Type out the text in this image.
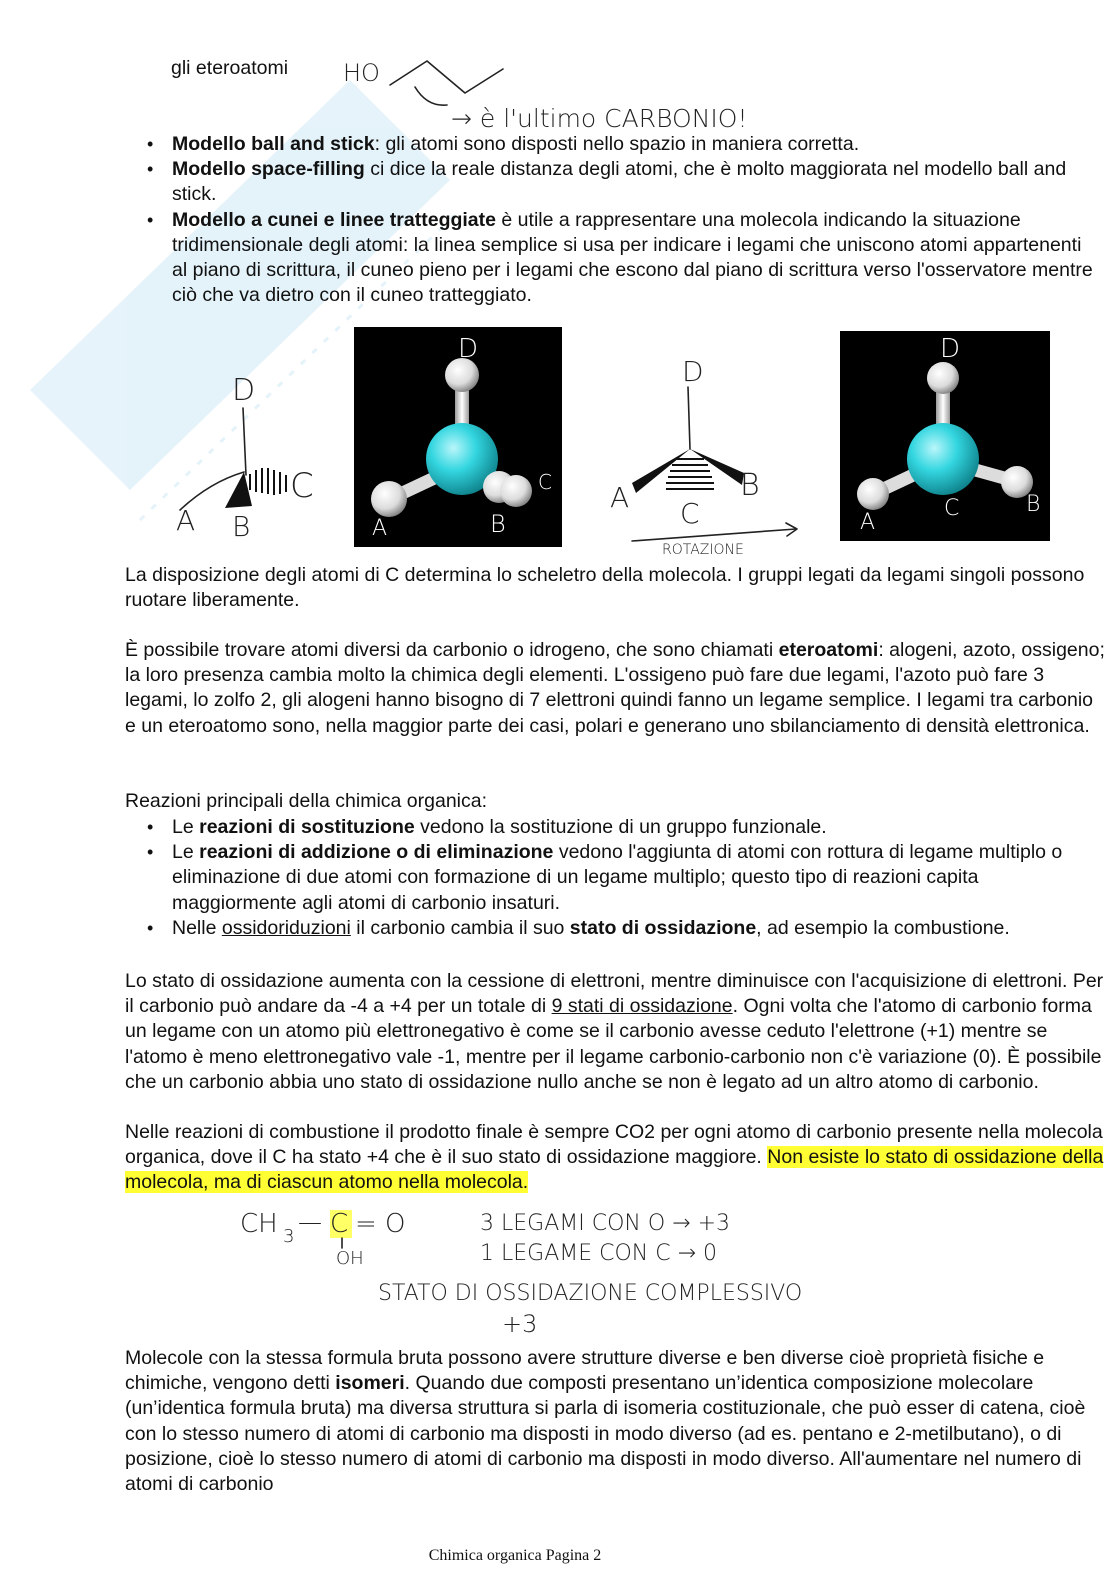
gli eteroatomi HO
→ è l'ultimo CARBONIO!
• Modello ball and stick: gli atomi sono disposti nello spazio in maniera corretta.
• Modello space-filling ci dice la reale distanza degli atomi, che è molto maggiorata nel modello ball and stick.
• Modello a cunei e linee tratteggiate è utile a rappresentare una molecola indicando la situazione tridimensionale degli atomi: la linea semplice si usa per indicare i legami che uniscono atomi appartenenti al piano di scrittura, il cuneo pieno per i legami che escono dal piano di scrittura verso l'osservatore mentre ciò che va dietro con il cuneo tratteggiato.
D
C
A B
D
C
A	B
D
A	B
C
ROTAZIONE
D
A
C	B

La disposizione degli atomi di C determina lo scheletro della molecola. I gruppi legati da legami singoli possono ruotare liberamente.

È possibile trovare atomi diversi da carbonio o idrogeno, che sono chiamati eteroatomi: alogeni, azoto, ossigeno; la loro presenza cambia molto la chimica degli elementi. L'ossigeno può fare due legami, l'azoto può fare 3 legami, lo zolfo 2, gli alogeni hanno bisogno di 7 elettroni quindi fanno un legame semplice. I legami tra carbonio e un eteroatomo sono, nella maggior parte dei casi, polari e generano uno sbilanciamento di densità elettronica.

Reazioni principali della chimica organica:

• Le reazioni di sostituzione vedono la sostituzione di un gruppo funzionale.
• Le reazioni di addizione o di eliminazione vedono l'aggiunta di atomi con rottura di legame multiplo o eliminazione di due atomi con formazione di un legame multiplo; questo tipo di reazioni capita maggiormente agli atomi di carbonio insaturi.
• Nelle ossidoriduzioni il carbonio cambia il suo stato di ossidazione, ad esempio la combustione.

Lo stato di ossidazione aumenta con la cessione di elettroni, mentre diminuisce con l'acquisizione di elettroni. Per il carbonio può andare da -4 a +4 per un totale di 9 stati di ossidazione. Ogni volta che l'atomo di carbonio forma un legame con un atomo più elettronegativo è come se il carbonio avesse ceduto l'elettrone (+1) mentre se l'atomo è meno elettronegativo vale -1, mentre per il legame carbonio-carbonio non c'è variazione (0). È possibile che un carbonio abbia uno stato di ossidazione nullo anche se non è legato ad un altro atomo di carbonio.

Nelle reazioni di combustione il prodotto finale è sempre CO2 per ogni atomo di carbonio presente nella molecola organica, dove il C ha stato +4 che è il suo stato di ossidazione maggiore. Non esiste lo stato di ossidazione della molecola, ma di ciascun atomo nella molecola.

CH 3
— C = O
OH
3 LEGAMI CON O → +3
1 LEGAME CON C → 0
STATO DI OSSIDAZIONE COMPLESSIVO
+3

Molecole con la stessa formula bruta possono avere strutture diverse e ben diverse cioè proprietà fisiche e chimiche, vengono detti isomeri. Quando due composti presentano un’identica composizione molecolare (un’identica formula bruta) ma diversa struttura si parla di isomeria costituzionale, che può esser di catena, cioè con lo stesso numero di atomi di carbonio ma disposti in modo diverso (ad es. pentano e 2-metilbutano), o di posizione, cioè lo stesso numero di atomi di carbonio ma disposti in modo diverso. All'aumentare nel numero di atomi di carbonio

Chimica organica Pagina 2
